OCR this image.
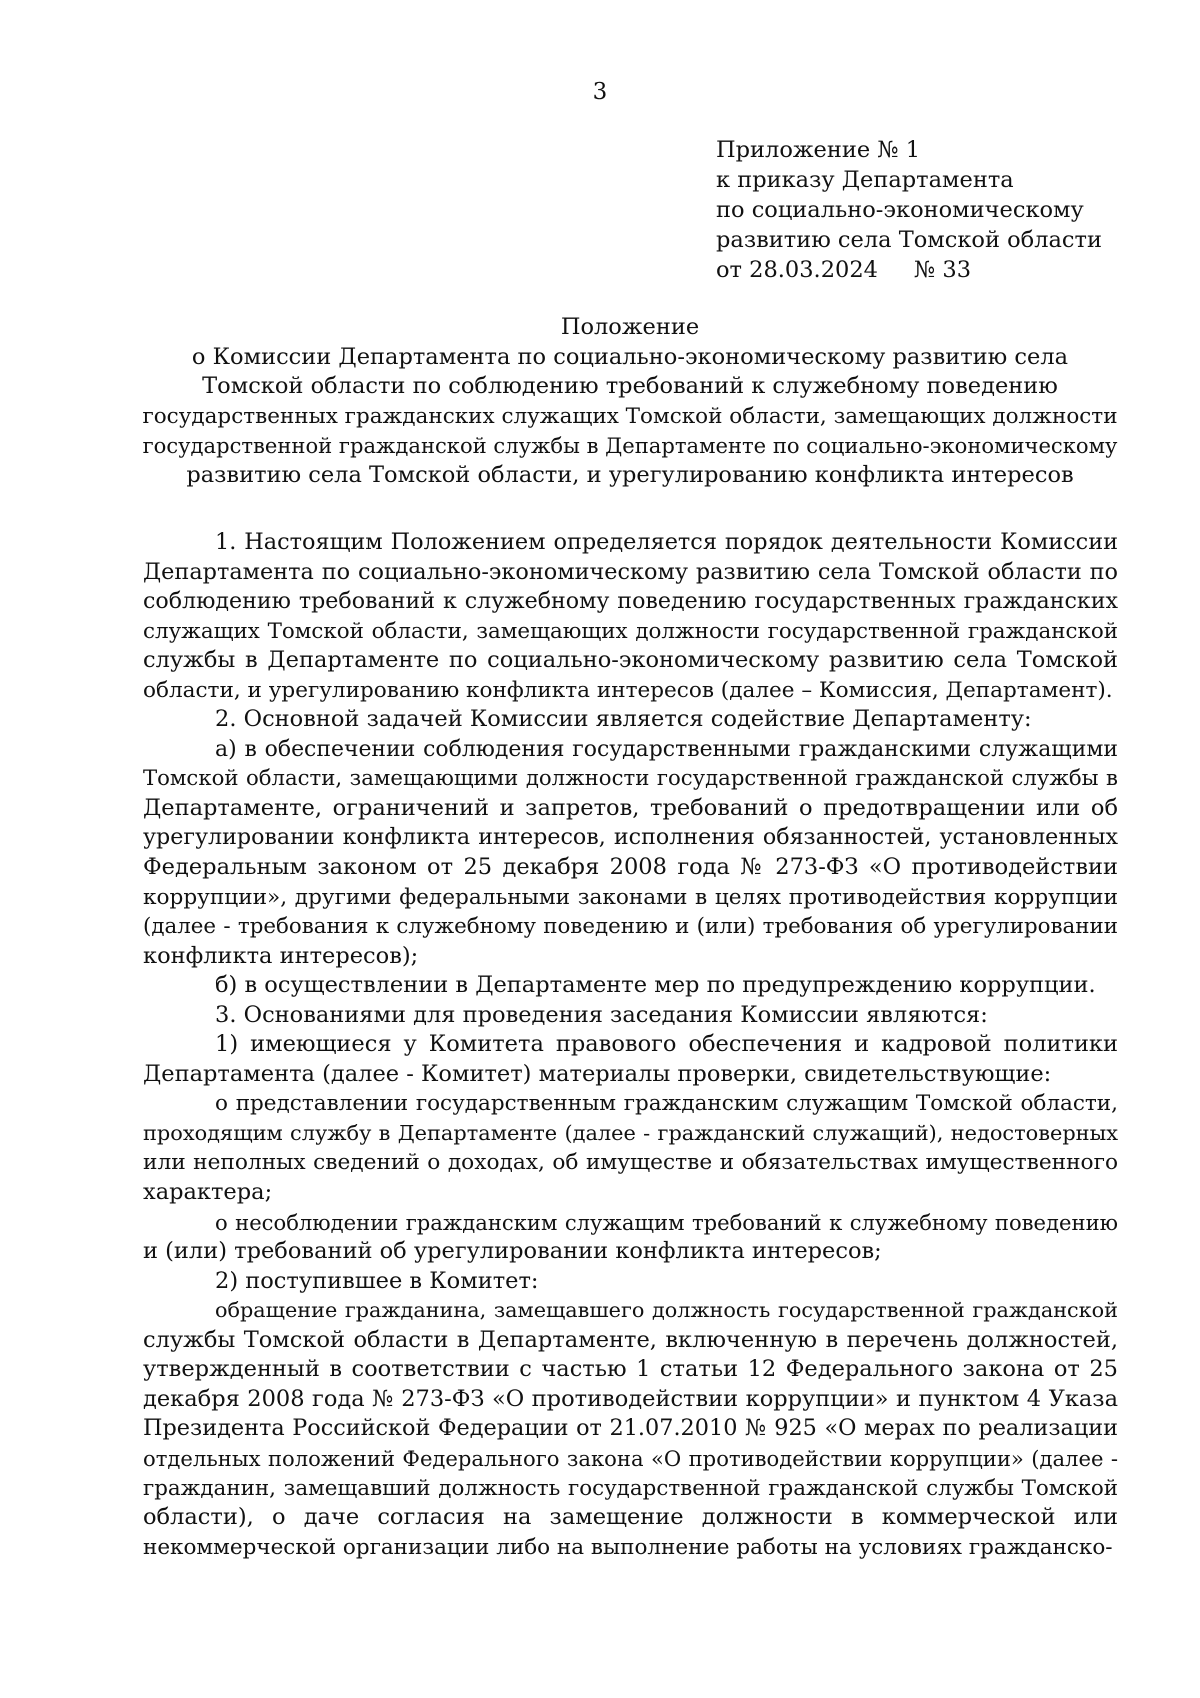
3
Приложение № 1
к приказу Департамента
по социально-экономическому
развитию села Томской области
от 28.03.2024 № 33
Положение
о Комиссии Департамента по социально-экономическому развитию села
Томской области по соблюдению требований к служебному поведению
государственных гражданских служащих Томской области, замещающих должности
государственной гражданской службы в Департаменте по социально-экономическому
развитию села Томской области, и урегулированию конфликта интересов

1. Настоящим Положением определяется порядок деятельности Комиссии
Департамента по социально-экономическому развитию села Томской области по
соблюдению требований к служебному поведению государственных гражданских
служащих Томской области, замещающих должности государственной гражданской
службы в Департаменте по социально-экономическому развитию села Томской
области, и урегулированию конфликта интересов (далее – Комиссия, Департамент).

2. Основной задачей Комиссии является содействие Департаменту:

а) в обеспечении соблюдения государственными гражданскими служащими
Томской области, замещающими должности государственной гражданской службы в
Департаменте, ограничений и запретов, требований о предотвращении или об
урегулировании конфликта интересов, исполнения обязанностей, установленных
Федеральным законом от 25 декабря 2008 года № 273-ФЗ «О противодействии
коррупции», другими федеральными законами в целях противодействия коррупции
(далее - требования к служебному поведению и (или) требования об урегулировании
конфликта интересов);

б) в осуществлении в Департаменте мер по предупреждению коррупции.

3. Основаниями для проведения заседания Комиссии являются:

1) имеющиеся у Комитета правового обеспечения и кадровой политики
Департамента (далее - Комитет) материалы проверки, свидетельствующие:

о представлении государственным гражданским служащим Томской области,
проходящим службу в Департаменте (далее - гражданский служащий), недостоверных
или неполных сведений о доходах, об имуществе и обязательствах имущественного
характера;

о несоблюдении гражданским служащим требований к служебному поведению
и (или) требований об урегулировании конфликта интересов;

2) поступившее в Комитет:

обращение гражданина, замещавшего должность государственной гражданской
службы Томской области в Департаменте, включенную в перечень должностей,
утвержденный в соответствии с частью 1 статьи 12 Федерального закона от 25
декабря 2008 года № 273-ФЗ «О противодействии коррупции» и пунктом 4 Указа
Президента Российской Федерации от 21.07.2010 № 925 «О мерах по реализации
отдельных положений Федерального закона «О противодействии коррупции» (далее -
гражданин, замещавший должность государственной гражданской службы Томской
области), о даче согласия на замещение должности в коммерческой или
некоммерческой организации либо на выполнение работы на условиях гражданско-
